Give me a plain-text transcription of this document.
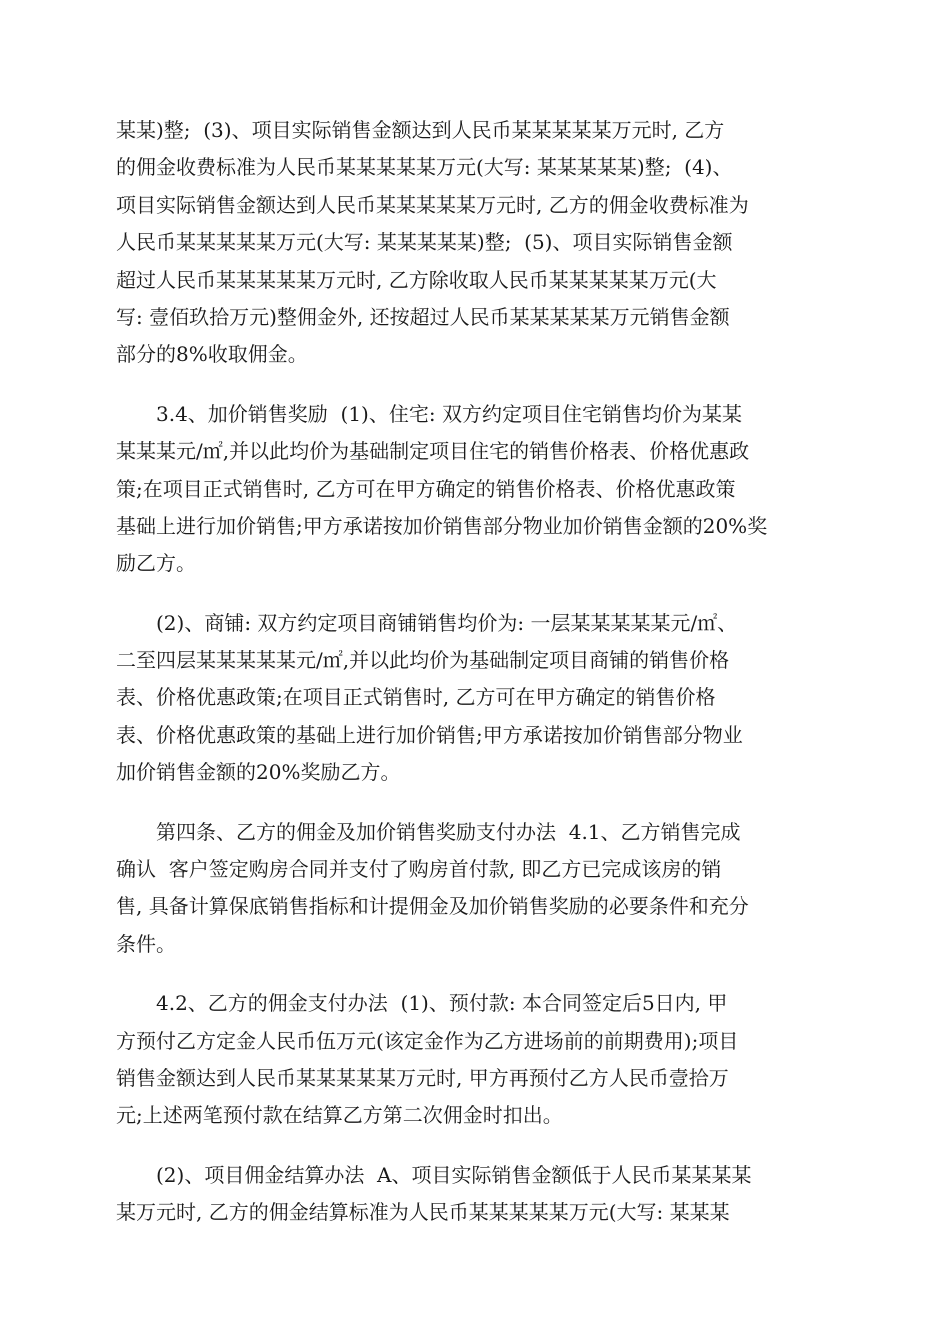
某某)整;  (3)、项目实际销售金额达到人民币某某某某某万元时, 乙方
的佣金收费标准为人民币某某某某某万元(大写: 某某某某某)整;  (4)、
项目实际销售金额达到人民币某某某某某万元时, 乙方的佣金收费标准为
人民币某某某某某万元(大写: 某某某某某)整;  (5)、项目实际销售金额
超过人民币某某某某某万元时, 乙方除收取人民币某某某某某万元(大
写: 壹佰玖拾万元)整佣金外, 还按超过人民币某某某某某万元销售金额
部分的8%收取佣金。
3.4、加价销售奖励  (1)、住宅: 双方约定项目住宅销售均价为某某
某某某元/㎡,并以此均价为基础制定项目住宅的销售价格表、价格优惠政
策;在项目正式销售时, 乙方可在甲方确定的销售价格表、价格优惠政策
基础上进行加价销售;甲方承诺按加价销售部分物业加价销售金额的20%奖
励乙方。
(2)、商铺: 双方约定项目商铺销售均价为: 一层某某某某某元/㎡、
二至四层某某某某某元/㎡,并以此均价为基础制定项目商铺的销售价格
表、价格优惠政策;在项目正式销售时, 乙方可在甲方确定的销售价格
表、价格优惠政策的基础上进行加价销售;甲方承诺按加价销售部分物业
加价销售金额的20%奖励乙方。
第四条、乙方的佣金及加价销售奖励支付办法  4.1、乙方销售完成
确认  客户签定购房合同并支付了购房首付款, 即乙方已完成该房的销
售, 具备计算保底销售指标和计提佣金及加价销售奖励的必要条件和充分
条件。
4.2、乙方的佣金支付办法  (1)、预付款: 本合同签定后5日内, 甲
方预付乙方定金人民币伍万元(该定金作为乙方进场前的前期费用);项目
销售金额达到人民币某某某某某万元时, 甲方再预付乙方人民币壹拾万
元;上述两笔预付款在结算乙方第二次佣金时扣出。
(2)、项目佣金结算办法  A、项目实际销售金额低于人民币某某某某
某万元时, 乙方的佣金结算标准为人民币某某某某某万元(大写: 某某某
